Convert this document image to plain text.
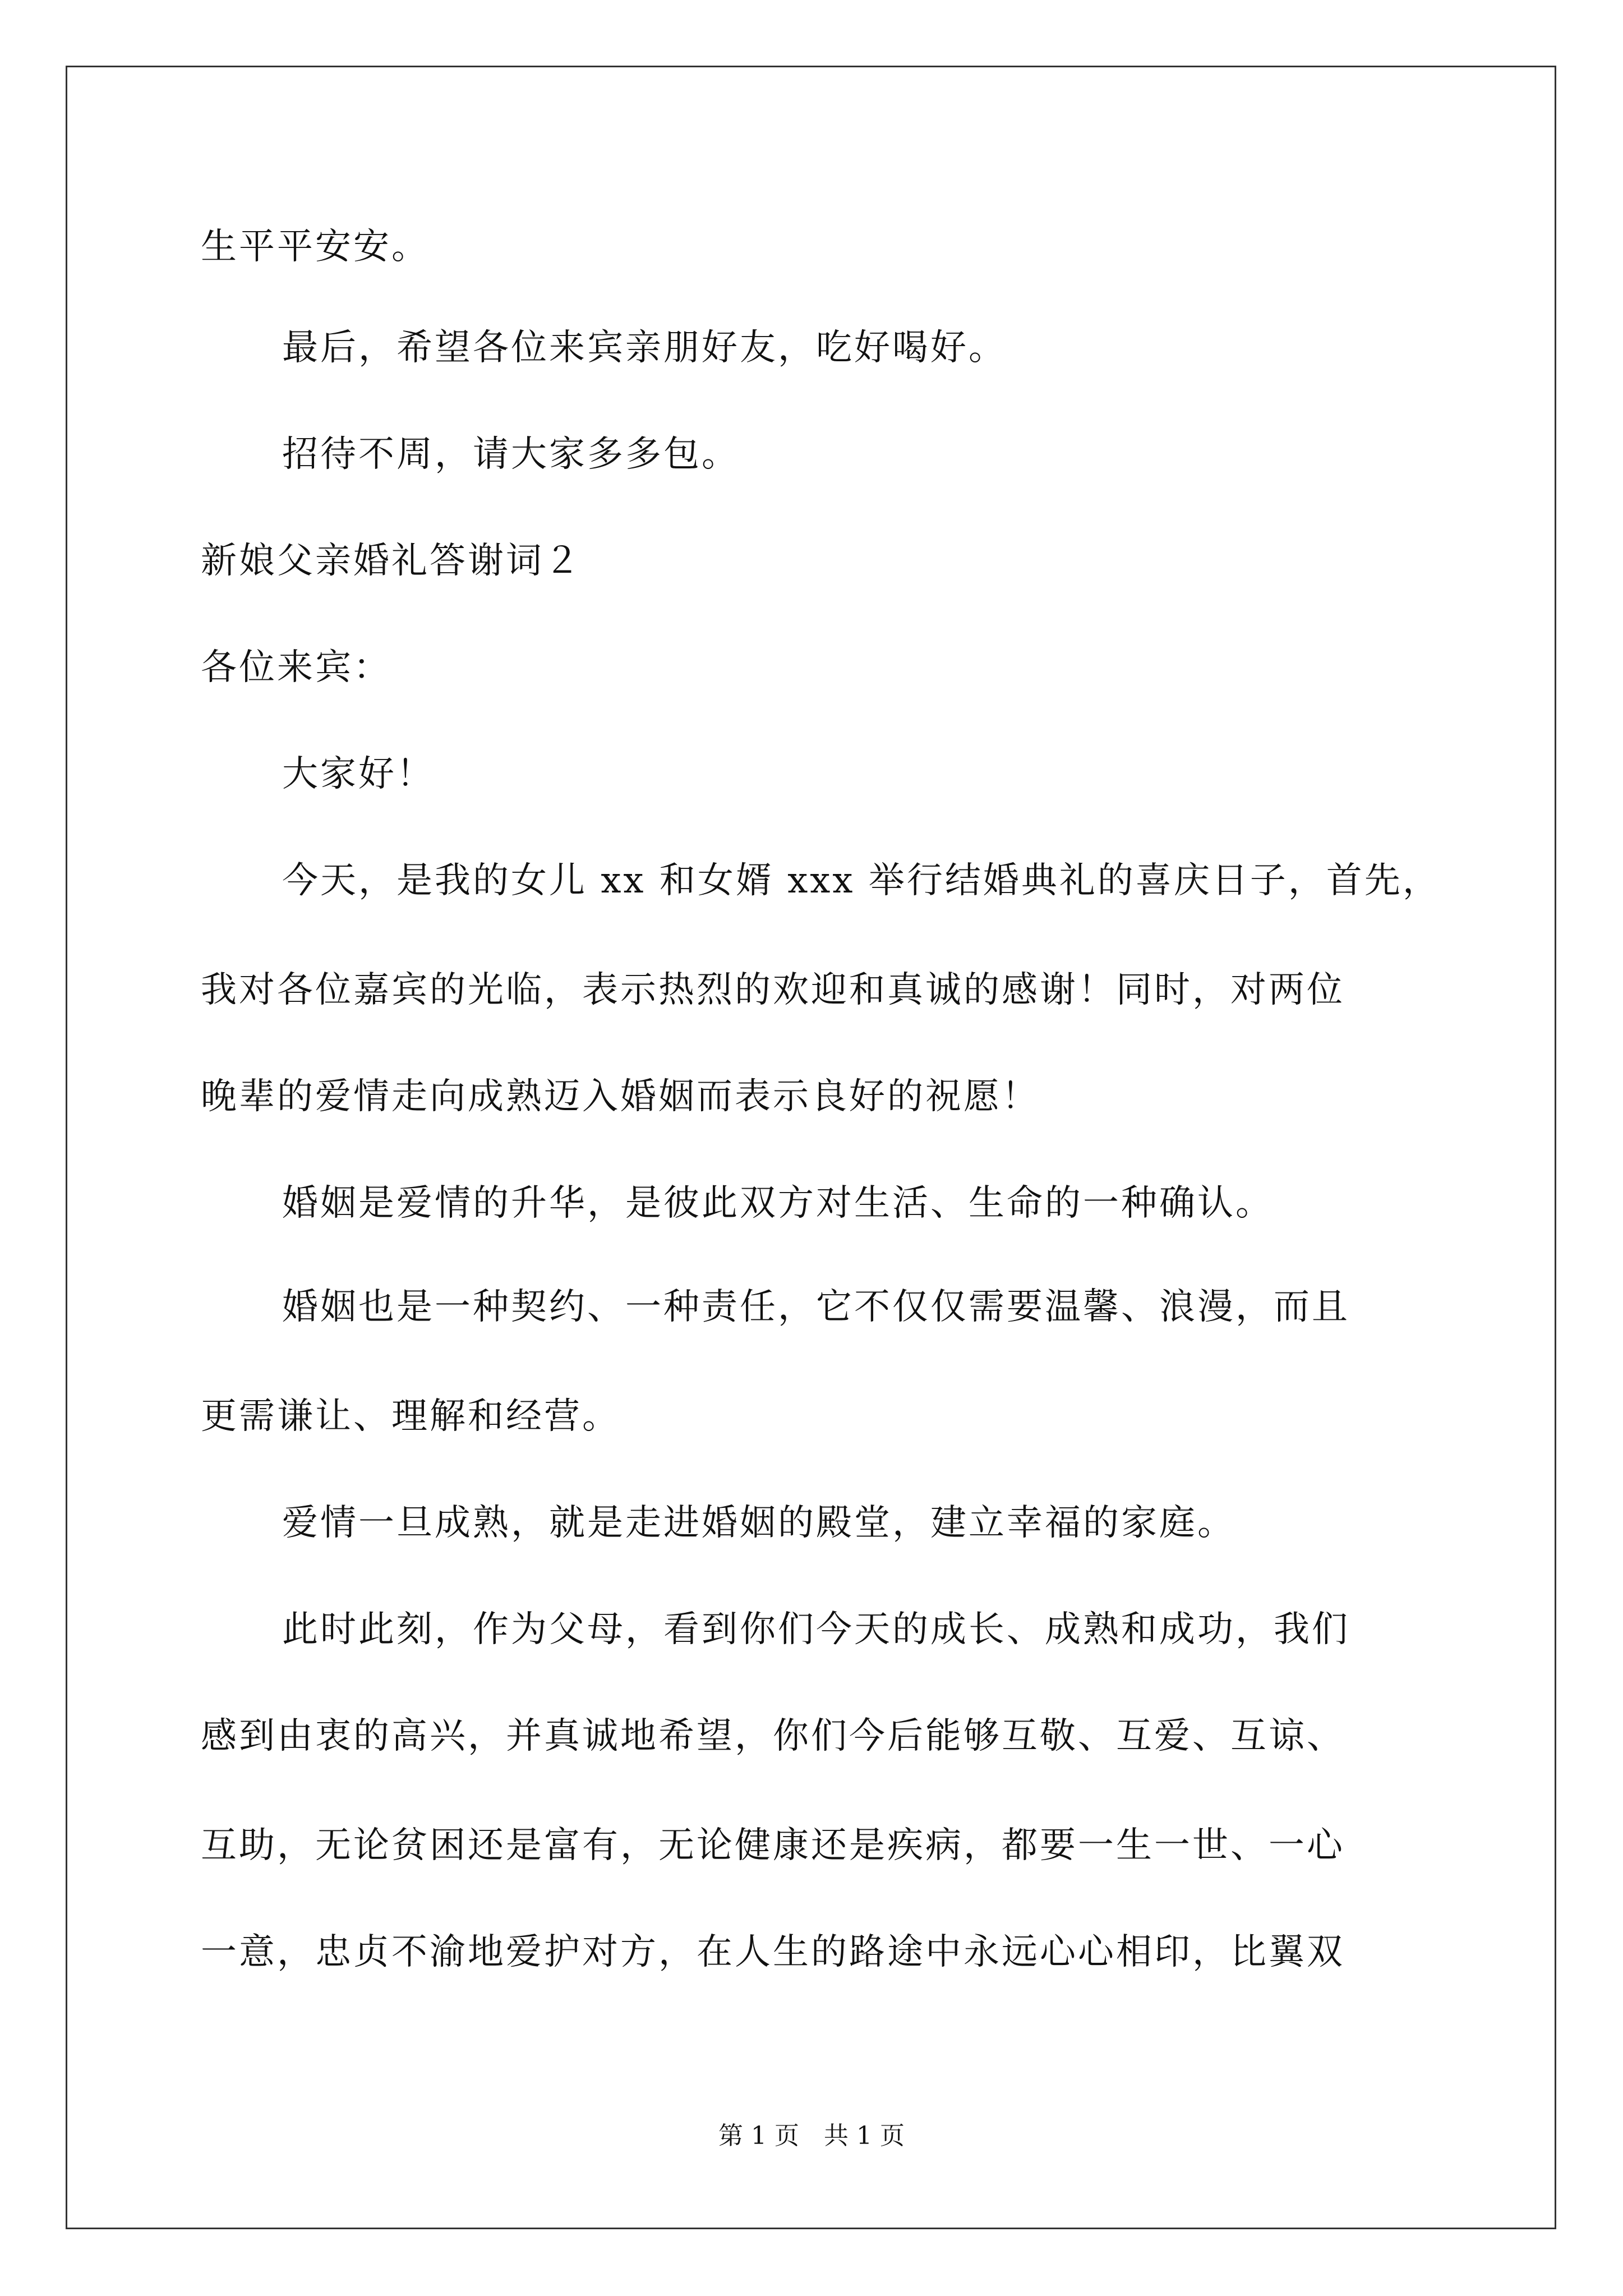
生平平安安。
最后，希望各位来宾亲朋好友，吃好喝好。
招待不周，请大家多多包。
新娘父亲婚礼答谢词２
各位来宾：
大家好！
今天，是我的女儿 xx 和女婿 xxx 举行结婚典礼的喜庆日子，首先，
我对各位嘉宾的光临，表示热烈的欢迎和真诚的感谢！同时，对两位
晚辈的爱情走向成熟迈入婚姻而表示良好的祝愿！
婚姻是爱情的升华，是彼此双方对生活、生命的一种确认。
婚姻也是一种契约、一种责任，它不仅仅需要温馨、浪漫，而且
更需谦让、理解和经营。
爱情一旦成熟，就是走进婚姻的殿堂，建立幸福的家庭。
此时此刻，作为父母，看到你们今天的成长、成熟和成功，我们
感到由衷的高兴，并真诚地希望，你们今后能够互敬、互爱、互谅、
互助，无论贫困还是富有，无论健康还是疾病，都要一生一世、一心
一意，忠贞不渝地爱护对方，在人生的路途中永远心心相印，比翼双
第 1 页　共 1 页
